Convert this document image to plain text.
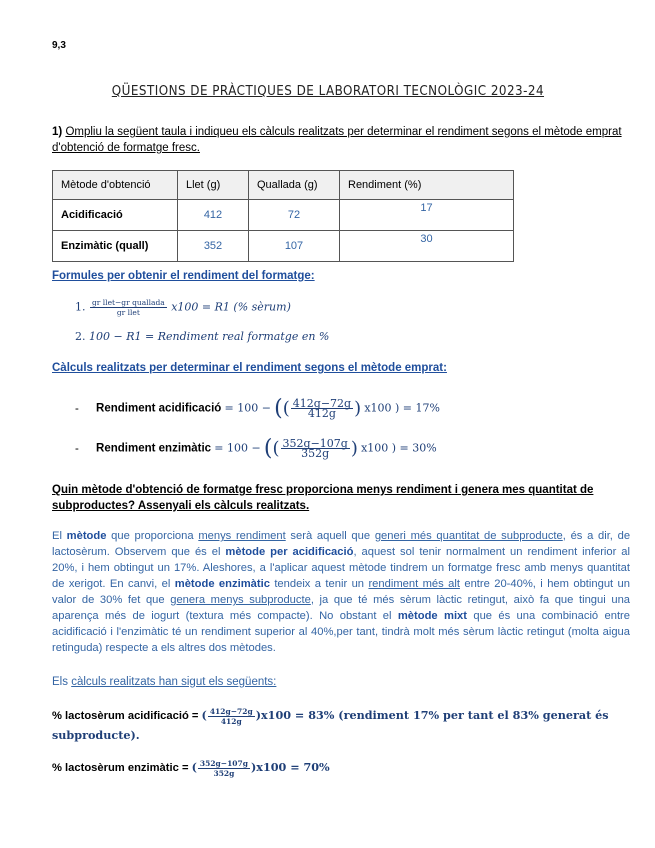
9,3
QÜESTIONS DE PRÀCTIQUES DE LABORATORI TECNOLÒGIC 2023-24
1) Ompliu la següent taula i indiqueu els càlculs realitzats per determinar el rendiment segons el mètode emprat d'obtenció de formatge fresc.
Mètode d'obtenció	Llet (g)	Quallada (g)	Rendiment (%)
Acidificació	412	72	17
Enzimàtic (quall)	352	107	30
Formules per obtenir el rendiment del formatge:
1. $\frac{\text{gr llet−gr quallada}}{\text{gr llet}} x100 = R1$ (% sèrum)
2. 100 − R1 = Rendiment real formatge en %
Càlculs realitzats per determinar el rendiment segons el mètode emprat:
- Rendiment acidificació = 100 − (( $\frac{412g-72g}{412g}$ ) x100 ) = 17%
- Rendiment enzimàtic = 100 − (( $\frac{352g-107g}{352g}$ ) x100 ) = 30%
Quin mètode d'obtenció de formatge fresc proporciona menys rendiment i genera mes quantitat de subproductes? Assenyali els càlculs realitzats.
El mètode que proporciona menys rendiment serà aquell que generi més quantitat de subproducte, és a dir, de lactosèrum. Observem que és el mètode per acidificació, aquest sol tenir normalment un rendiment inferior al 20%, i hem obtingut un 17%. Aleshores, a l'aplicar aquest mètode tindrem un formatge fresc amb menys quantitat de xerigot. En canvi, el mètode enzimàtic tendeix a tenir un rendiment més alt entre 20-40%, i hem obtingut un valor de 30% fet que genera menys subproducte, ja que té més sèrum làctic retingut, això fa que tingui una aparença més de iogurt (textura més compacte). No obstant el mètode mixt que és una combinació entre acidificació i l'enzimàtic té un rendiment superior al 40%,per tant, tindrà molt més sèrum làctic retingut (molta aigua retinguda) respecte a els altres dos mètodes.
Els càlculs realitzats han sigut els següents:
% lactosèrum acidificació = ( $\frac{412g-72g}{412g} )x100 = 83\%$ (rendiment 17% per tant el 83% generat és subproducte).
% lactosèrum enzimàtic = ( $\frac{352g-107g}{352g} )x100 = 70\%$
